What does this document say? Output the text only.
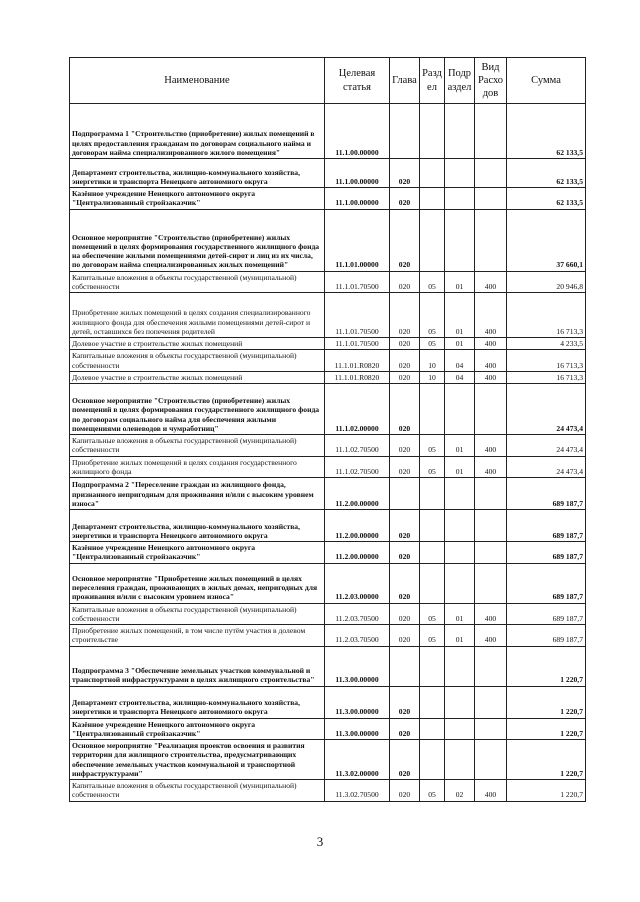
Наименование	Целевая статья	Глава	Разд ел	Подр аздел	Вид Расхо дов	Сумма
Подпрограмма 1 "Строительство (приобретение) жилых помещений в целях предоставления гражданам по договорам социального найма и договорам найма специализированного жилого помещения"	11.1.00.00000					62 133,5
Департамент строительства, жилищно-коммунального хозяйства, энергетики и транспорта Ненецкого автономного округа	11.1.00.00000	020				62 133,5
Казённое учреждение Ненецкого автономного округа "Централизованный стройзаказчик"	11.1.00.00000	020				62 133,5
Основное мероприятие "Строительство (приобретение) жилых помещений в целях формирования государственного жилищного фонда на обеспечение жилыми помещениями детей-сирот и лиц из их числа, по договорам найма специализированных жилых помещений"	11.1.01.00000	020				37 660,1
Капитальные вложения в объекты государственной (муниципальной) собственности	11.1.01.70500	020	05	01	400	20 946,8
Приобретение жилых помещений в целях создания специализированного жилищного фонда для обеспечения жилыми помещениями детей-сирот и детей, оставшихся без попечения родителей	11.1.01.70500	020	05	01	400	16 713,3
Долевое участие в строительстве жилых помещений	11.1.01.70500	020	05	01	400	4 233,5
Капитальные вложения в объекты государственной (муниципальной) собственности	11.1.01.R0820	020	10	04	400	16 713,3
Долевое участие в строительстве жилых помещений	11.1.01.R0820	020	10	04	400	16 713,3
Основное мероприятие "Строительство (приобретение) жилых помещений в целях формирования государственного жилищного фонда по договорам социального найма для обеспечения жилыми помещениями оленеводов и чумработниц"	11.1.02.00000	020				24 473,4
Капитальные вложения в объекты государственной (муниципальной) собственности	11.1.02.70500	020	05	01	400	24 473,4
Приобретение жилых помещений в целях создания государственного жилищного фонда	11.1.02.70500	020	05	01	400	24 473,4
Подпрограмма 2 "Переселение граждан из жилищного фонда, признанного непригодным для проживания и/или с высоким уровнем износа"	11.2.00.00000					689 187,7
Департамент строительства, жилищно-коммунального хозяйства, энергетики и транспорта Ненецкого автономного округа	11.2.00.00000	020				689 187,7
Казённое учреждение Ненецкого автономного округа "Централизованный стройзаказчик"	11.2.00.00000	020				689 187,7
Основное мероприятие "Приобретение жилых помещений в целях переселения граждан, проживающих в жилых домах, непригодных для проживания и/или с высоким уровнем износа"	11.2.03.00000	020				689 187,7
Капитальные вложения в объекты государственной (муниципальной) собственности	11.2.03.70500	020	05	01	400	689 187,7
Приобретение жилых помещений, в том числе путём участия в долевом строительстве	11.2.03.70500	020	05	01	400	689 187,7
Подпрограмма 3 "Обеспечение земельных участков коммунальной и транспортной инфраструктурами в целях жилищного строительства"	11.3.00.00000					1 220,7
Департамент строительства, жилищно-коммунального хозяйства, энергетики и транспорта Ненецкого автономного округа	11.3.00.00000	020				1 220,7
Казённое учреждение Ненецкого автономного округа "Централизованный стройзаказчик"	11.3.00.00000	020				1 220,7
Основное мероприятие "Реализация проектов освоения и развития территории для жилищного строительства, предусматривающих обеспечение земельных участков коммунальной и транспортной инфраструктурами"	11.3.02.00000	020				1 220,7
Капитальные вложения в объекты государственной (муниципальной) собственности	11.3.02.70500	020	05	02	400	1 220,7
3
